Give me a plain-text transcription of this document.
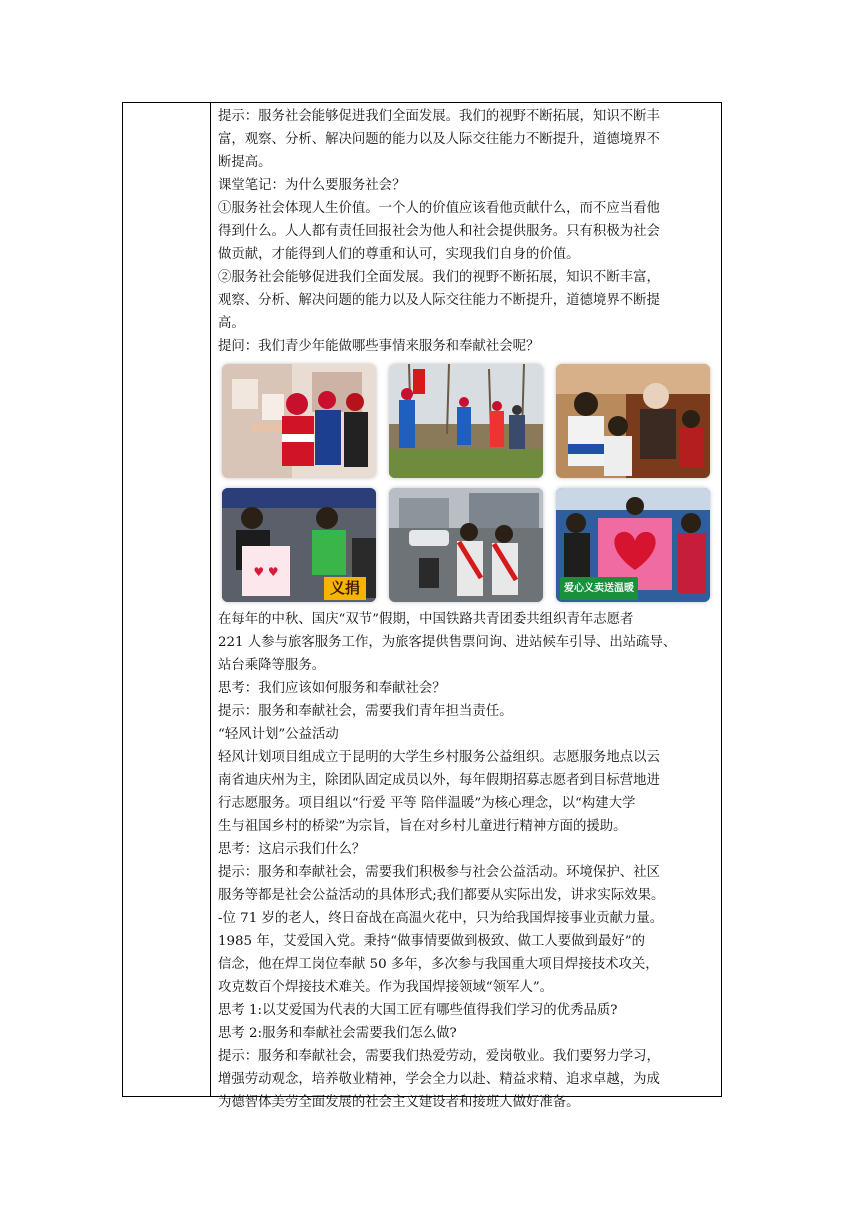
提示：服务社会能够促进我们全面发展。我们的视野不断拓展，知识不断丰

富，观察、分析、解决问题的能力以及人际交往能力不断提升，道德境界不

断提高。

课堂笔记：为什么要服务社会？

①服务社会体现人生价值。一个人的价值应该看他贡献什么，而不应当看他

得到什么。人人都有责任回报社会为他人和社会提供服务。只有积极为社会

做贡献，才能得到人们的尊重和认可，实现我们自身的价值。

②服务社会能够促进我们全面发展。我们的视野不断拓展，知识不断丰富，

观察、分析、解决问题的能力以及人际交往能力不断提升，道德境界不断提

高。

提问：我们青少年能做哪些事情来服务和奉献社会呢？

♥ ♥
义捐	爱心义卖送温暖

在每年的中秋、国庆“双节”假期，中国铁路共青团委共组织青年志愿者

221 人参与旅客服务工作，为旅客提供售票问询、进站候车引导、出站疏导、

站台乘降等服务。

思考：我们应该如何服务和奉献社会？

提示：服务和奉献社会，需要我们青年担当责任。

“轻风计划”公益活动

轻风计划项目组成立于昆明的大学生乡村服务公益组织。志愿服务地点以云

南省迪庆州为主，除团队固定成员以外，每年假期招募志愿者到目标营地进

行志愿服务。项目组以“行爱 平等 陪伴温暖”为核心理念，以“构建大学

生与祖国乡村的桥梁”为宗旨，旨在对乡村儿童进行精神方面的援助。

思考：这启示我们什么？

提示：服务和奉献社会，需要我们积极参与社会公益活动。环境保护、社区

服务等都是社会公益活动的具体形式;我们都要从实际出发，讲求实际效果。

-位 71 岁的老人，终日奋战在高温火花中，只为给我国焊接事业贡献力量。

1985 年，艾爱国入党。秉持“做事情要做到极致、做工人要做到最好”的

信念，他在焊工岗位奉献 50 多年，多次参与我国重大项目焊接技术攻关，

攻克数百个焊接技术难关。作为我国焊接领域“领军人”。

思考 1:以艾爱国为代表的大国工匠有哪些值得我们学习的优秀品质?

思考 2:服务和奉献社会需要我们怎么做?

提示：服务和奉献社会，需要我们热爱劳动，爱岗敬业。我们要努力学习，

增强劳动观念，培养敬业精神，学会全力以赴、精益求精、追求卓越，为成

为德智体美劳全面发展的社会主义建设者和接班人做好准备。
